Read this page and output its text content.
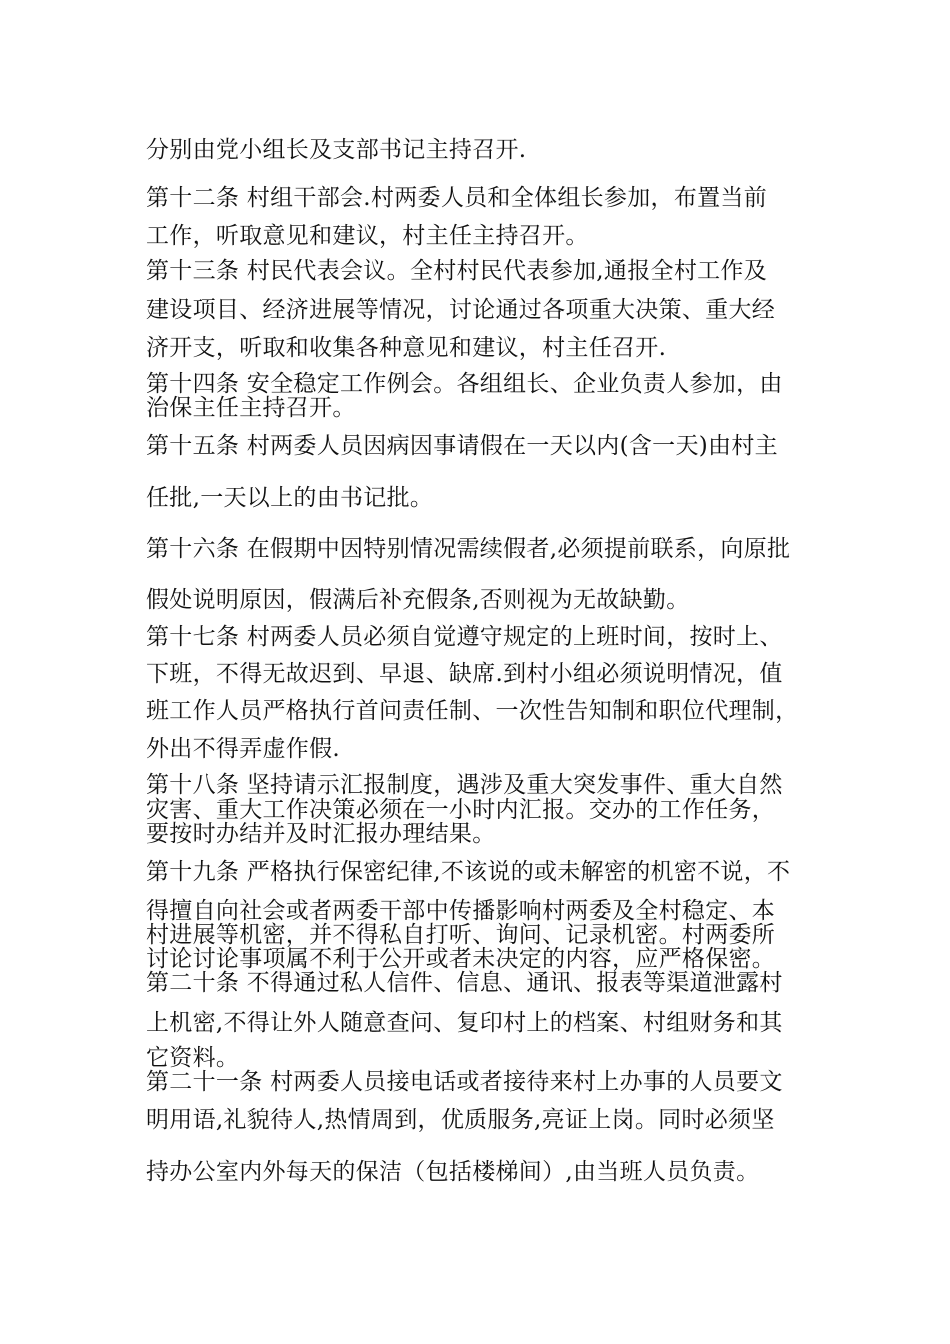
分别由党小组长及支部书记主持召开.
第十二条 村组干部会.村两委人员和全体组长参加，布置当前
工作，听取意见和建议，村主任主持召开。
第十三条 村民代表会议。全村村民代表参加,通报全村工作及
建设项目、经济进展等情况，讨论通过各项重大决策、重大经
济开支，听取和收集各种意见和建议，村主任召开.
第十四条 安全稳定工作例会。各组组长、企业负责人参加，由
治保主任主持召开。
第十五条 村两委人员因病因事请假在一天以内(含一天)由村主
任批,一天以上的由书记批。
第十六条 在假期中因特别情况需续假者,必须提前联系，向原批
假处说明原因，假满后补充假条,否则视为无故缺勤。
第十七条 村两委人员必须自觉遵守规定的上班时间，按时上、
下班，不得无故迟到、早退、缺席.到村小组必须说明情况，值
班工作人员严格执行首问责任制、一次性告知制和职位代理制，
外出不得弄虚作假.
第十八条 坚持请示汇报制度，遇涉及重大突发事件、重大自然
灾害、重大工作决策必须在一小时内汇报。交办的工作任务，
要按时办结并及时汇报办理结果。
第十九条 严格执行保密纪律,不该说的或未解密的机密不说，不
得擅自向社会或者两委干部中传播影响村两委及全村稳定、本
村进展等机密，并不得私自打听、询问、记录机密。村两委所
讨论讨论事项属不利于公开或者未决定的内容，应严格保密。
第二十条 不得通过私人信件、信息、通讯、报表等渠道泄露村
上机密,不得让外人随意查问、复印村上的档案、村组财务和其
它资料。
第二十一条 村两委人员接电话或者接待来村上办事的人员要文
明用语,礼貌待人,热情周到，优质服务,亮证上岗。同时必须坚
持办公室内外每天的保洁（包括楼梯间）,由当班人员负责。
